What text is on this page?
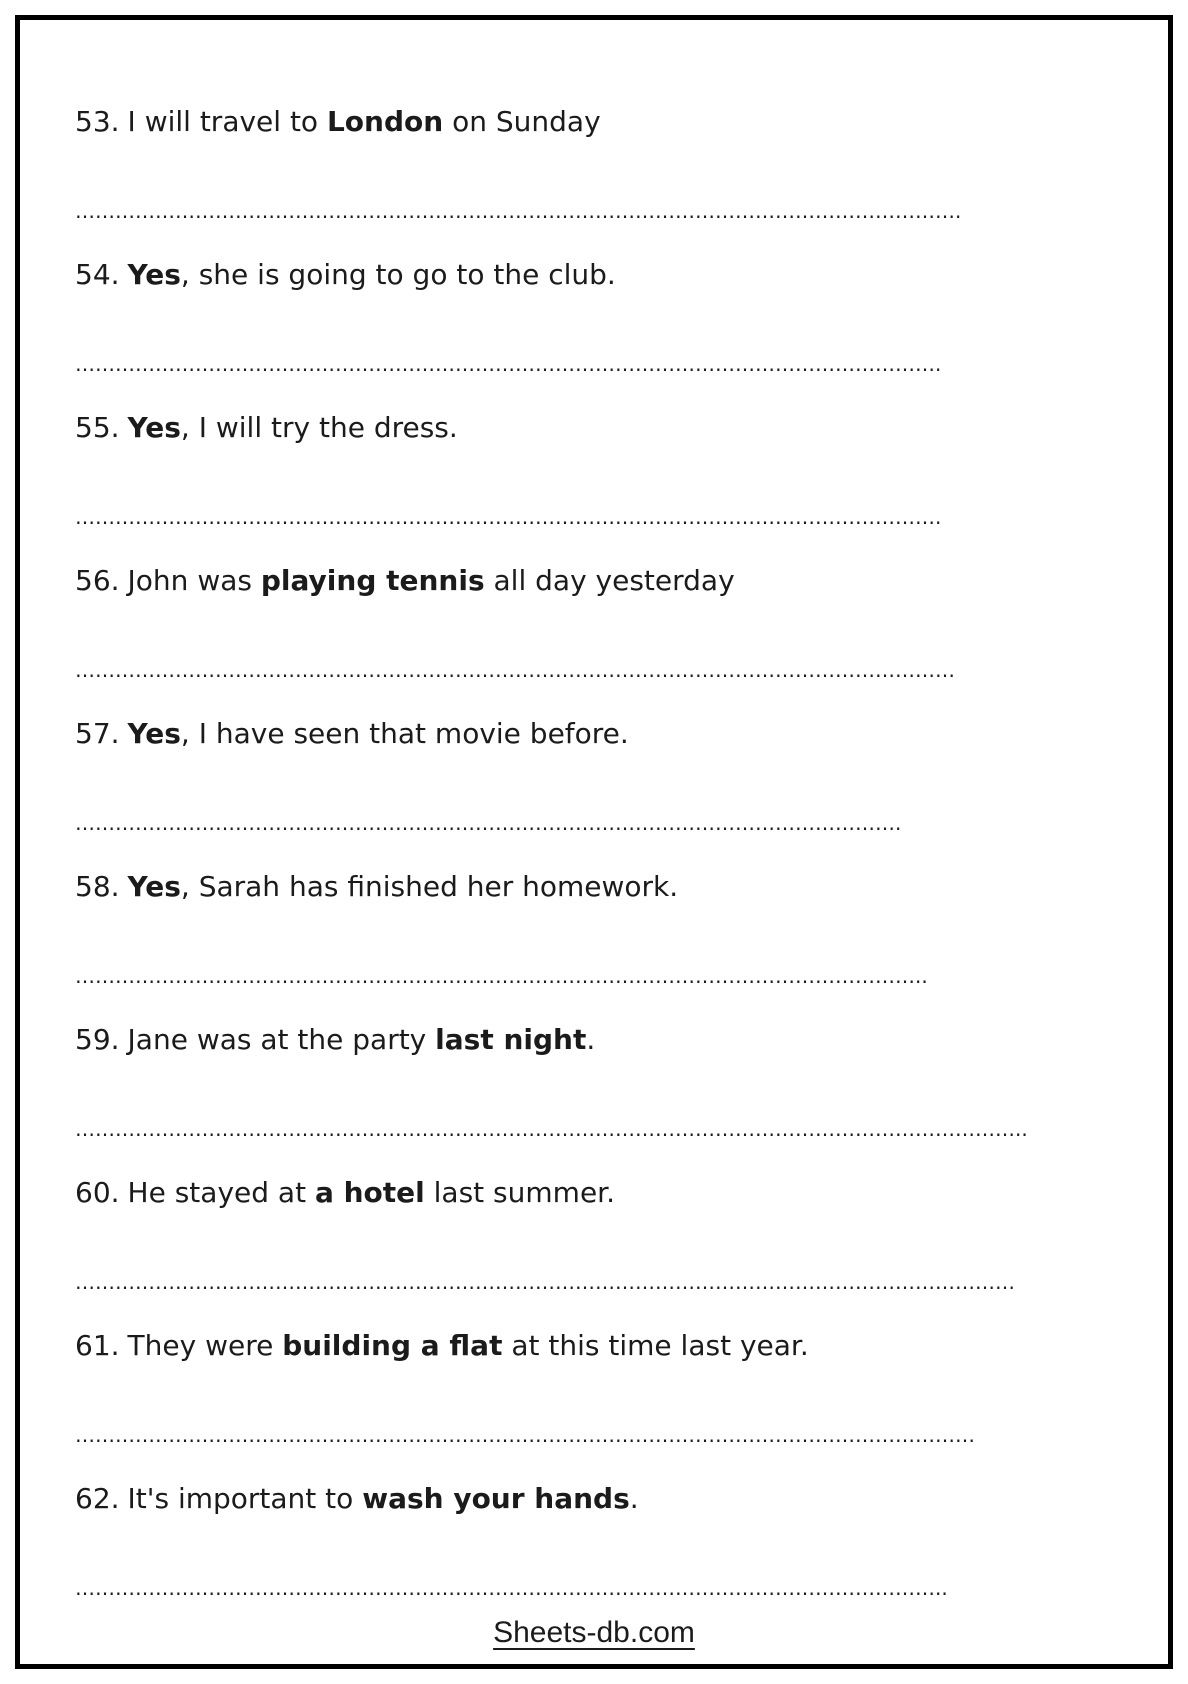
53. I will travel to London on Sunday

…………………………………………………………………………………………………………………….

54. Yes, she is going to go to the club.

………………………………………………………………………………………………………………….

55. Yes, I will try the dress.

………………………………………………………………………………………………………………….

56. John was playing tennis all day yesterday

……………………………………………………………………………………………………………………

57. Yes, I have seen that movie before.

…………………………………………………………………………………………………………….

58. Yes, Sarah has finished her homework.

………………………………………………………………………………………………………………..

59. Jane was at the party last night.

……………………………………………………………………………………………………………………………..

60. He stayed at a hotel last summer.

……………………………………………………………………………………………………………………………

61. They were building a flat at this time last year.

………………………………………………………………………………………………………………………

62. It's important to wash your hands.

…………………………………………………………………………………………………………………..
Sheets-db.com
